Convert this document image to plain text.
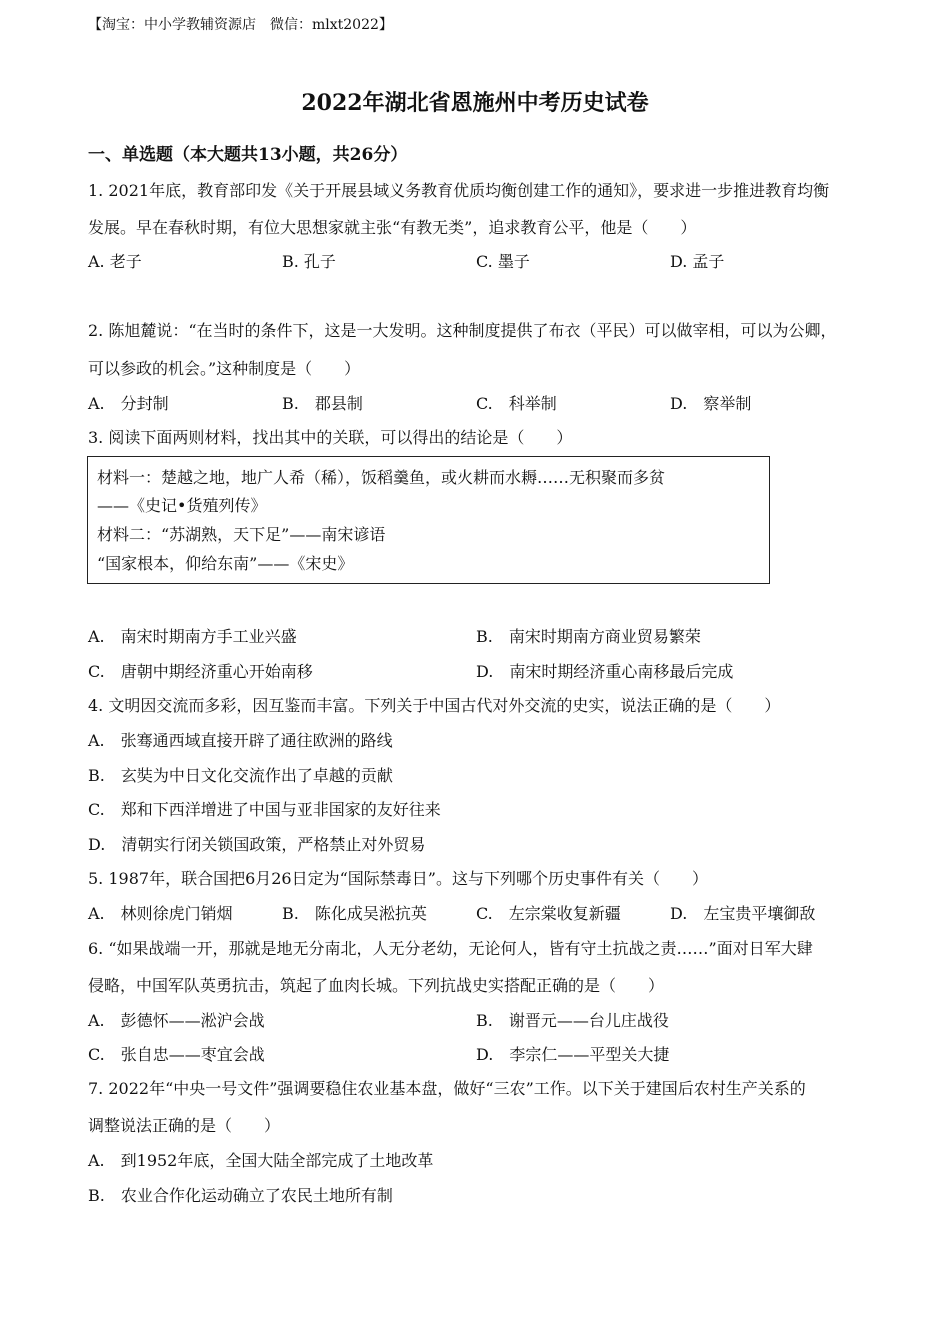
【淘宝：中小学教辅资源店　微信：mlxt2022】
2022年湖北省恩施州中考历史试卷
一、单选题（本大题共13小题，共26分）
1. 2021年底，教育部印发《关于开展县域义务教育优质均衡创建工作的通知》，要求进一步推进教育均衡
发展。早在春秋时期，有位大思想家就主张“有教无类”，追求教育公平，他是（　　）
A. 老子	B. 孔子	C. 墨子	D. 孟子
2. 陈旭麓说：“在当时的条件下，这是一大发明。这种制度提供了布衣（平民）可以做宰相，可以为公卿，
可以参政的机会。”这种制度是（　　）
A.　分封制	B.　郡县制	C.　科举制	D.　察举制
3. 阅读下面两则材料，找出其中的关联，可以得出的结论是（　　）
材料一：楚越之地，地广人希（稀），饭稻羹鱼，或火耕而水耨……无积聚而多贫
——《史记•货殖列传》
材料二：“苏湖熟，天下足”——南宋谚语
“国家根本，仰给东南”——《宋史》
A.　南宋时期南方手工业兴盛	B.　南宋时期南方商业贸易繁荣
C.　唐朝中期经济重心开始南移	D.　南宋时期经济重心南移最后完成
4. 文明因交流而多彩，因互鉴而丰富。下列关于中国古代对外交流的史实，说法正确的是（　　）
A.　张骞通西域直接开辟了通往欧洲的路线
B.　玄奘为中日文化交流作出了卓越的贡献
C.　郑和下西洋增进了中国与亚非国家的友好往来
D.　清朝实行闭关锁国政策，严格禁止对外贸易
5. 1987年，联合国把6月26日定为“国际禁毒日”。这与下列哪个历史事件有关（　　）
A.　林则徐虎门销烟	B.　陈化成吴淞抗英	C.　左宗棠收复新疆	D.　左宝贵平壤御敌
6. “如果战端一开，那就是地无分南北，人无分老幼，无论何人，皆有守土抗战之责……”面对日军大肆
侵略，中国军队英勇抗击，筑起了血肉长城。下列抗战史实搭配正确的是（　　）
A.　彭德怀——淞沪会战	B.　谢晋元——台儿庄战役
C.　张自忠——枣宜会战	D.　李宗仁——平型关大捷
7. 2022年“中央一号文件”强调要稳住农业基本盘，做好“三农”工作。以下关于建国后农村生产关系的
调整说法正确的是（　　）
A.　到1952年底，全国大陆全部完成了土地改革
B.　农业合作化运动确立了农民土地所有制
